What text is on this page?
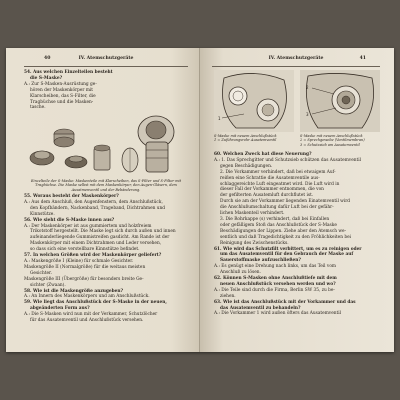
40	IV. Atemschutzgeräte
54. Aus welchen Einzelteilen besteht
die S-Maske?
A.: Zur S-Masken-Ausrüstung ge-
hören der Maskenkörper mit
Klarscheiben, das S-Filter, die
Tragbüchse und die Masken-
tasche.
Einzelteile der S-Maske: Maskenteile mit Klarscheiben, das S-Filter und S-Filter mit Tragbüchse. Die Maske selbst mit dem Maskenkörper, den Augen-Gläsern, dem Ausatmenventil und der Bebänderung.
55. Woraus besteht der Maskenkörper?
A.: Aus dem Anschluß, den Augenfenstern, dem Anschlußstück,
den Kopfbändern, Nackenband, Trageband, Dichtrahmen und
Kinnstütze.
56. Wie sieht die S-Maske innen aus?
A.: Der Maskenkörper ist aus gummiertem und holzfreiem
Trikotstoff hergestellt. Die Maske legt sich durch außen und innen
aufeinanderliegende Gummistreifen gasdicht. Am Rande ist der
Maskenkörper mit einem Dichtrahmen und Leder versehen,
so dass sich eine verstellbare Kinnstütze befindet.
57. In welchen Größen wird der Maskenkörper geliefert?
A.: Maskengröße I (Kleine) für schmale Gesichter.
Maskengröße II (Normalgröße) für die weitaus meisten
Gesichter.
Maskengröße III (Übergröße) für besonders breite Ge-
sichter (Zwaan).
58. Wie ist die Maskengröße anzugeben?
A.: An Innern des Maskenkörpers und am Anschlußstück.
59. Wie liegt das Anschlußstück der S-Maske in der neuen,
abgeänderten Form aus?
A.: Die S-Masken wird nun mit der Verkammer, Schutzlöcher
für das Ausatemventil und Anschlußstück versehen.
IV. Atemschutzgeräte	41
1
2
3
S-Maske mit neuem Anschlußstück
1 = Zuführungsrohr Ausatemventil
S-Maske mit neuem Anschlußstück
2 = Sprechgewebe (Ventilmembran)
3 = Schutzsieb am Ausatemventil
60. Welchen Zweck hat diese Neuerung?
A.: 1. Das Sprechgitter und Schutzsieb schützen das Ausatemventil
gegen Beschädigungen.
2. Die Vorkammer verhindert, daß bei etwaigem Auf-
reißen eine Schrattie die Ausatemventile aus-
schlaggereichte Luft eingeatmet wird. Die Luft wird in
dieser Fall der Vorkammer entnommen, die von
der gefilterten Ausatemluft durchflutet ist.
Durch sie am der Vorkammer liegenden Einatemventil wird
die Anschlußumschaltung dafür Luft bei der gefähr-
lichen Maskenteil verhindert.
3. Die Rohrkappe (s) verhindert, daß bei Einfallen
oder gefälligem Stoß das Anschlußstück der S-Maske
Beschädigungen der Lippen. Ziehe aber den Atemsch we-
sentlich und daß Tragedichtigkeit zu den Fröhlichkeiten bei
Reinigung des Zwischenstücks.
61. Wie wird das Schutzfilt verbittert, um es zu reinigen oder
um das Ausatemventil für den Gebrauch der Maske auf
Sauerstoffmaske aufzuschließen?
A.: Es genügt eine Drehung nach links, um das Teil vom
Anschluß zu lösen.
62. Können S-Masken ohne Anschlußtiefe mit dem
neuen Anschlußstück versehen werden und wo?
A.: Die Teile sind durch die Firma, Berlin SW 35, zu be-
ziehen.
63. Wie ist das Anschlußstück mit der Vorkammer und das
das Ausatemventil zu behandeln?
A.: Die Vorkammer 1 wird außen öfters das Ausatemventil
